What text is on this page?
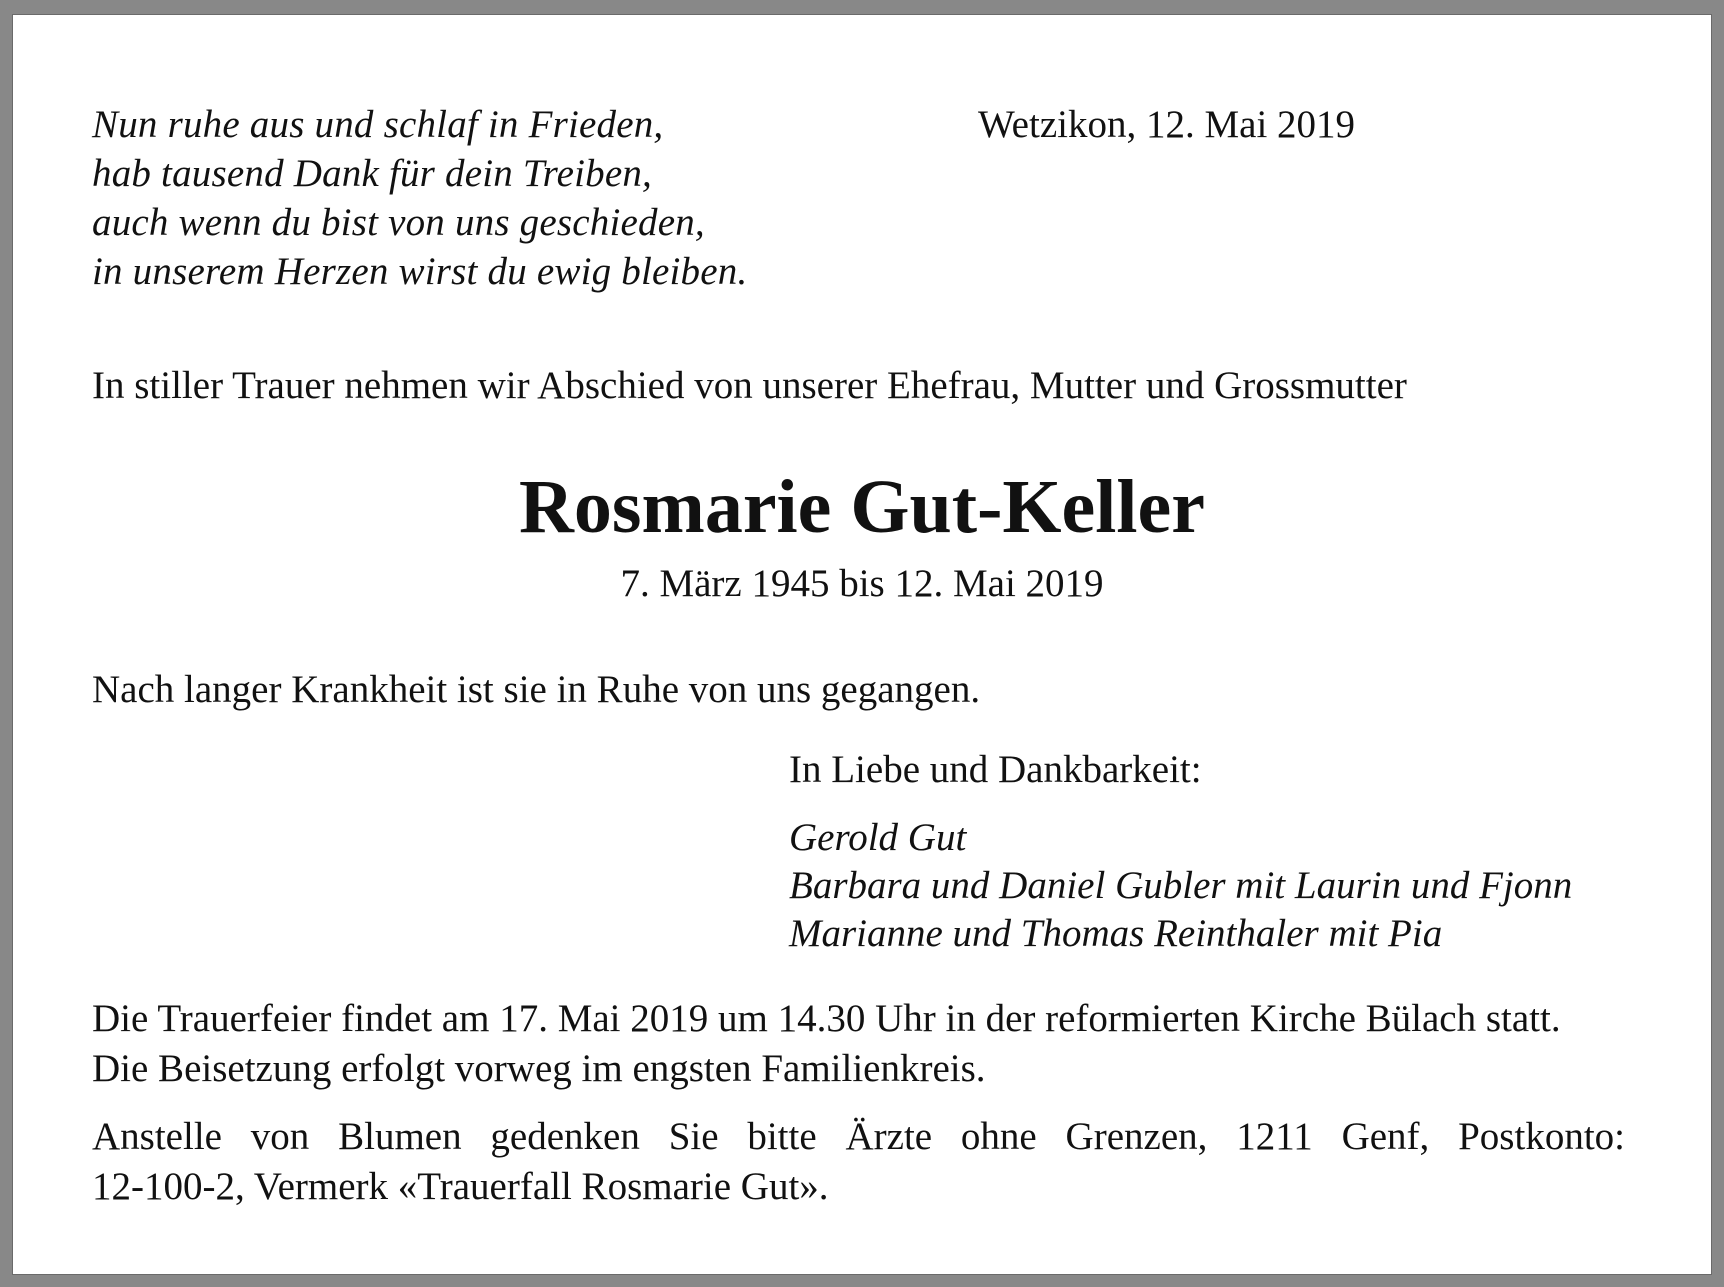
Nun ruhe aus und schlaf in Frieden,
hab tausend Dank für dein Treiben,
auch wenn du bist von uns geschieden,
in unserem Herzen wirst du ewig bleiben.
Wetzikon, 12. Mai 2019
In stiller Trauer nehmen wir Abschied von unserer Ehefrau, Mutter und Grossmutter
Rosmarie Gut-Keller
7. März 1945 bis 12. Mai 2019
Nach langer Krankheit ist sie in Ruhe von uns gegangen.
In Liebe und Dankbarkeit:
Gerold Gut
Barbara und Daniel Gubler mit Laurin und Fjonn
Marianne und Thomas Reinthaler mit Pia
Die Trauerfeier findet am 17. Mai 2019 um 14.30 Uhr in der reformierten Kirche Bülach statt.
Die Beisetzung erfolgt vorweg im engsten Familienkreis.
Anstelle von Blumen gedenken Sie bitte Ärzte ohne Grenzen, 1211 Genf, Postkonto:
12-100-2, Vermerk «Trauerfall Rosmarie Gut».
